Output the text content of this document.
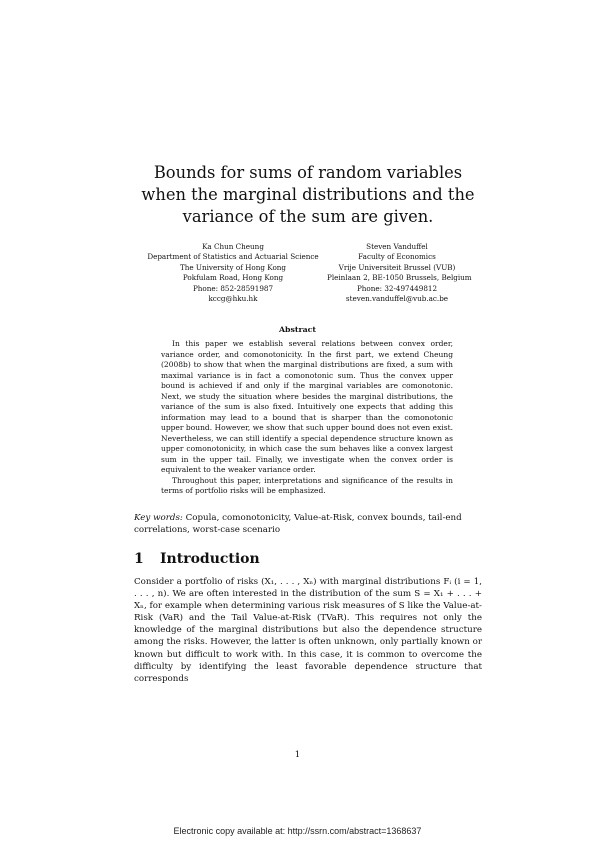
Bounds for sums of random variables when the marginal distributions and the variance of the sum are given.
Ka Chun Cheung
Department of Statistics and Actuarial Science
The University of Hong Kong
Pokfulam Road, Hong Kong
Phone: 852-28591987
kccg@hku.hk
Steven Vanduffel
Faculty of Economics
Vrije Universiteit Brussel (VUB)
Pleinlaan 2, BE-1050 Brussels, Belgium
Phone: 32-497449812
steven.vanduffel@vub.ac.be
Abstract

In this paper we establish several relations between convex order, variance order, and comonotonicity. In the first part, we extend Cheung (2008b) to show that when the marginal distributions are fixed, a sum with maximal variance is in fact a comonotonic sum. Thus the convex upper bound is achieved if and only if the marginal variables are comonotonic. Next, we study the situation where besides the marginal distributions, the variance of the sum is also fixed. Intuitively one expects that adding this information may lead to a bound that is sharper than the comonotonic upper bound. However, we show that such upper bound does not even exist. Nevertheless, we can still identify a special dependence structure known as upper comonotonicity, in which case the sum behaves like a convex largest sum in the upper tail. Finally, we investigate when the convex order is equivalent to the weaker variance order.

Throughout this paper, interpretations and significance of the results in terms of portfolio risks will be emphasized.

Key words: Copula, comonotonicity, Value-at-Risk, convex bounds, tail-end correlations, worst-case scenario
1 Introduction
Consider a portfolio of risks (X₁, . . . , Xₙ) with marginal distributions Fᵢ (i = 1, . . . , n). We are often interested in the distribution of the sum S = X₁ + . . . + Xₙ, for example when determining various risk measures of S like the Value-at-Risk (VaR) and the Tail Value-at-Risk (TVaR). This requires not only the knowledge of the marginal distributions but also the dependence structure among the risks. However, the latter is often unknown, only partially known or known but difficult to work with. In this case, it is common to overcome the difficulty by identifying the least favorable dependence structure that corresponds
1
Electronic copy available at: http://ssrn.com/abstract=1368637
